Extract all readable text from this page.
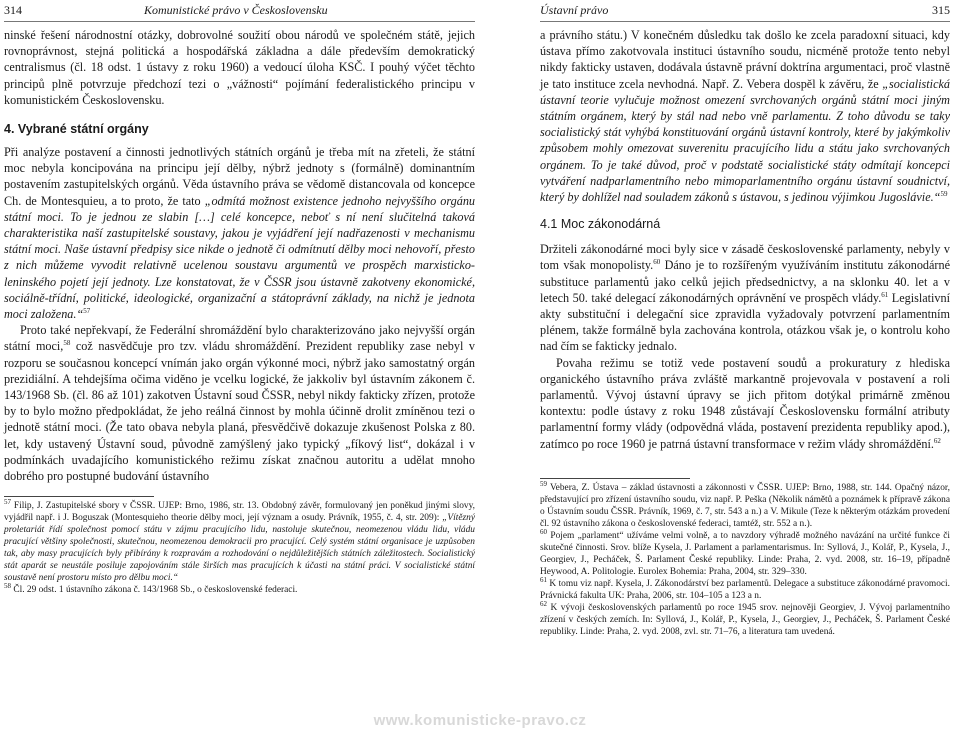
314	Komunistické právo v Československu

ninské řešení národnostní otázky, dobrovolné soužití obou národů ve společném státě, jejich rovnoprávnost, stejná politická a hospodářská základna a dále především demokratický centralismus (čl. 18 odst. 1 ústavy z roku 1960) a vedoucí úloha KSČ. I pouhý výčet těchto principů plně potvrzuje předchozí tezi o „vážnosti“ pojímání federalistického principu v komunistickém Československu.

4. Vybrané státní orgány

Při analýze postavení a činnosti jednotlivých státních orgánů je třeba mít na zřeteli, že státní moc nebyla koncipována na principu její dělby, nýbrž jednoty s (formálně) dominantním postavením zastupitelských orgánů. Věda ústavního práva se vědomě distancovala od koncepce Ch. de Montesquieu, a to proto, že tato „odmítá možnost existence jednoho nejvyššího orgánu státní moci. To je jednou ze slabin […] celé koncepce, neboť s ní není slučitelná taková charakteristika naší zastupitelské soustavy, jakou je vyjádření její nadřazenosti v mechanismu státní moci. Naše ústavní předpisy sice nikde o jednotě či odmítnutí dělby moci nehovoří, přesto z nich můžeme vyvodit relativně ucelenou soustavu argumentů ve prospěch marxisticko-leninského pojetí její jednoty. Lze konstatovat, že v ČSSR jsou ústavně zakotveny ekonomické, sociálně-třídní, politické, ideologické, organizační a státoprávní základy, na nichž je jednota moci založena.“$^{57}$

Proto také nepřekvapí, že Federální shromáždění bylo charakterizováno jako nejvyšší orgán státní moci,$^{58}$ což nasvědčuje pro tzv. vládu shromáždění. Prezident republiky zase nebyl v rozporu se současnou koncepcí vnímán jako orgán výkonné moci, nýbrž jako samostatný orgán prezidiální. A tehdejšíma očima viděno je vcelku logické, že jakkoliv byl ústavním zákonem č. 143/1968 Sb. (čl. 86 až 101) zakotven Ústavní soud ČSSR, nebyl nikdy fakticky zřízen, protože by to bylo možno předpokládat, že jeho reálná činnost by mohla účinně drolit zmíněnou tezi o jednotě státní moci. (Že tato obava nebyla planá, přesvědčivě dokazuje zkušenost Polska z 80. let, kdy ustavený Ústavní soud, původně zamýšlený jako typický „fíkový list“, dokázal i v podmínkách uvadajícího komunistického režimu získat značnou autoritu a udělat mnoho dobrého pro postupné budování ústavního

$^{57}$ Filip, J. Zastupitelské sbory v ČSSR. UJEP: Brno, 1986, str. 13. Obdobný závěr, formulovaný jen poněkud jinými slovy, vyjádřil např. i J. Boguszak (Montesquieho theorie dělby moci, její význam a osudy. Právník, 1955, č. 4, str. 209): „Vítězný proletariát řídí společnost pomocí státu v zájmu pracujícího lidu, nastoluje skutečnou, neomezenou vládu lidu, vládu pracující většiny společnosti, skutečnou, neomezenou demokracii pro pracující. Celý systém státní organisace je uzpůsoben tak, aby masy pracujících byly přibírány k rozpravám a rozhodování o nejdůležitějších státních záležitostech. Socialistický stát aparát se neustále posiluje zapojováním stále širších mas pracujících k účasti na státní práci. V socialistické státní soustavě není prostoru místo pro dělbu moci.“

$^{58}$ Čl. 29 odst. 1 ústavního zákona č. 143/1968 Sb., o československé federaci.

Ústavní právo	315

a právního státu.) V konečném důsledku tak došlo ke zcela paradoxní situaci, kdy ústava přímo zakotvovala instituci ústavního soudu, nicméně protože tento nebyl nikdy fakticky ustaven, dodávala ústavně právní doktrína argumentaci, proč vlastně je tato instituce zcela nevhodná. Např. Z. Vebera dospěl k závěru, že „socialistická ústavní teorie vylučuje možnost omezení svrchovaných orgánů státní moci jiným státním orgánem, který by stál nad nebo vně parlamentu. Z toho důvodu se taky socialistický stát vyhýbá konstituování orgánů ústavní kontroly, které by jakýmkoliv způsobem mohly omezovat suverenitu pracujícího lidu a státu jako svrchovaných orgánem. To je také důvod, proč v podstatě socialistické státy odmítají koncepci vytváření nadparlamentního nebo mimoparlamentního orgánu ústavní soudnictví, který by dohlížel nad souladem zákonů s ústavou, s jedinou výjimkou Jugoslávie.“$^{59}$

4.1 Moc zákonodárná

Držiteli zákonodárné moci byly sice v zásadě československé parlamenty, nebyly v tom však monopolisty.$^{60}$ Dáno je to rozšířeným využíváním institutu zákonodárné substituce parlamentů jako celků jejich předsednictvy, a na sklonku 40. let a v letech 50. také delegací zákonodárných oprávnění ve prospěch vlády.$^{61}$ Legislativní akty substituční i delegační sice zpravidla vyžadovaly potvrzení parlamentním plénem, takže formálně byla zachována kontrola, otázkou však je, o kontrolu koho nad čím se fakticky jednalo.

Povaha režimu se totiž vede postavení soudů a prokuratury z hlediska organického ústavního práva zvláště markantně projevovala v postavení a roli parlamentů. Vývoj ústavní úpravy se jich přitom dotýkal primárně změnou kontextu: podle ústavy z roku 1948 zůstávají Československu formální atributy parlamentní formy vlády (odpovědná vláda, postavení prezidenta republiky apod.), zatímco po roce 1960 je patrná ústavní transformace v režim vlády shromáždění.$^{62}$

$^{59}$ Vebera, Z. Ústava – základ ústavnosti a zákonnosti v ČSSR. UJEP: Brno, 1988, str. 144. Opačný názor, představující pro zřízení ústavního soudu, viz např. P. Peška (Několik námětů a poznámek k přípravě zákona o Ústavním soudu ČSSR. Právník, 1969, č. 7, str. 543 a n.) a V. Mikule (Teze k některým otázkám provedení čl. 92 ústavního zákona o československé federaci, tamtéž, str. 552 a n.).

$^{60}$ Pojem „parlament“ užíváme velmi volně, a to navzdory výhradě možného navázání na určité funkce či skutečné činnosti. Srov. blíže Kysela, J. Parlament a parlamentarismus. In: Syllová, J., Kolář, P., Kysela, J., Georgiev, J., Pecháček, Š. Parlament České republiky. Linde: Praha, 2. vyd. 2008, str. 16–19, případně Heywood, A. Politologie. Eurolex Bohemia: Praha, 2004, str. 329–330.

$^{61}$ K tomu viz např. Kysela, J. Zákonodárství bez parlamentů. Delegace a substituce zákonodárné pravomoci. Právnická fakulta UK: Praha, 2006, str. 104–105 a 123 a n.

$^{62}$ K vývoji československých parlamentů po roce 1945 srov. nejnověji Georgiev, J. Vývoj parlamentního zřízení v českých zemích. In: Syllová, J., Kolář, P., Kysela, J., Georgiev, J., Pecháček, Š. Parlament České republiky. Linde: Praha, 2. vyd. 2008, zvl. str. 71–76, a literatura tam uvedená.

www.komunisticke-pravo.cz
